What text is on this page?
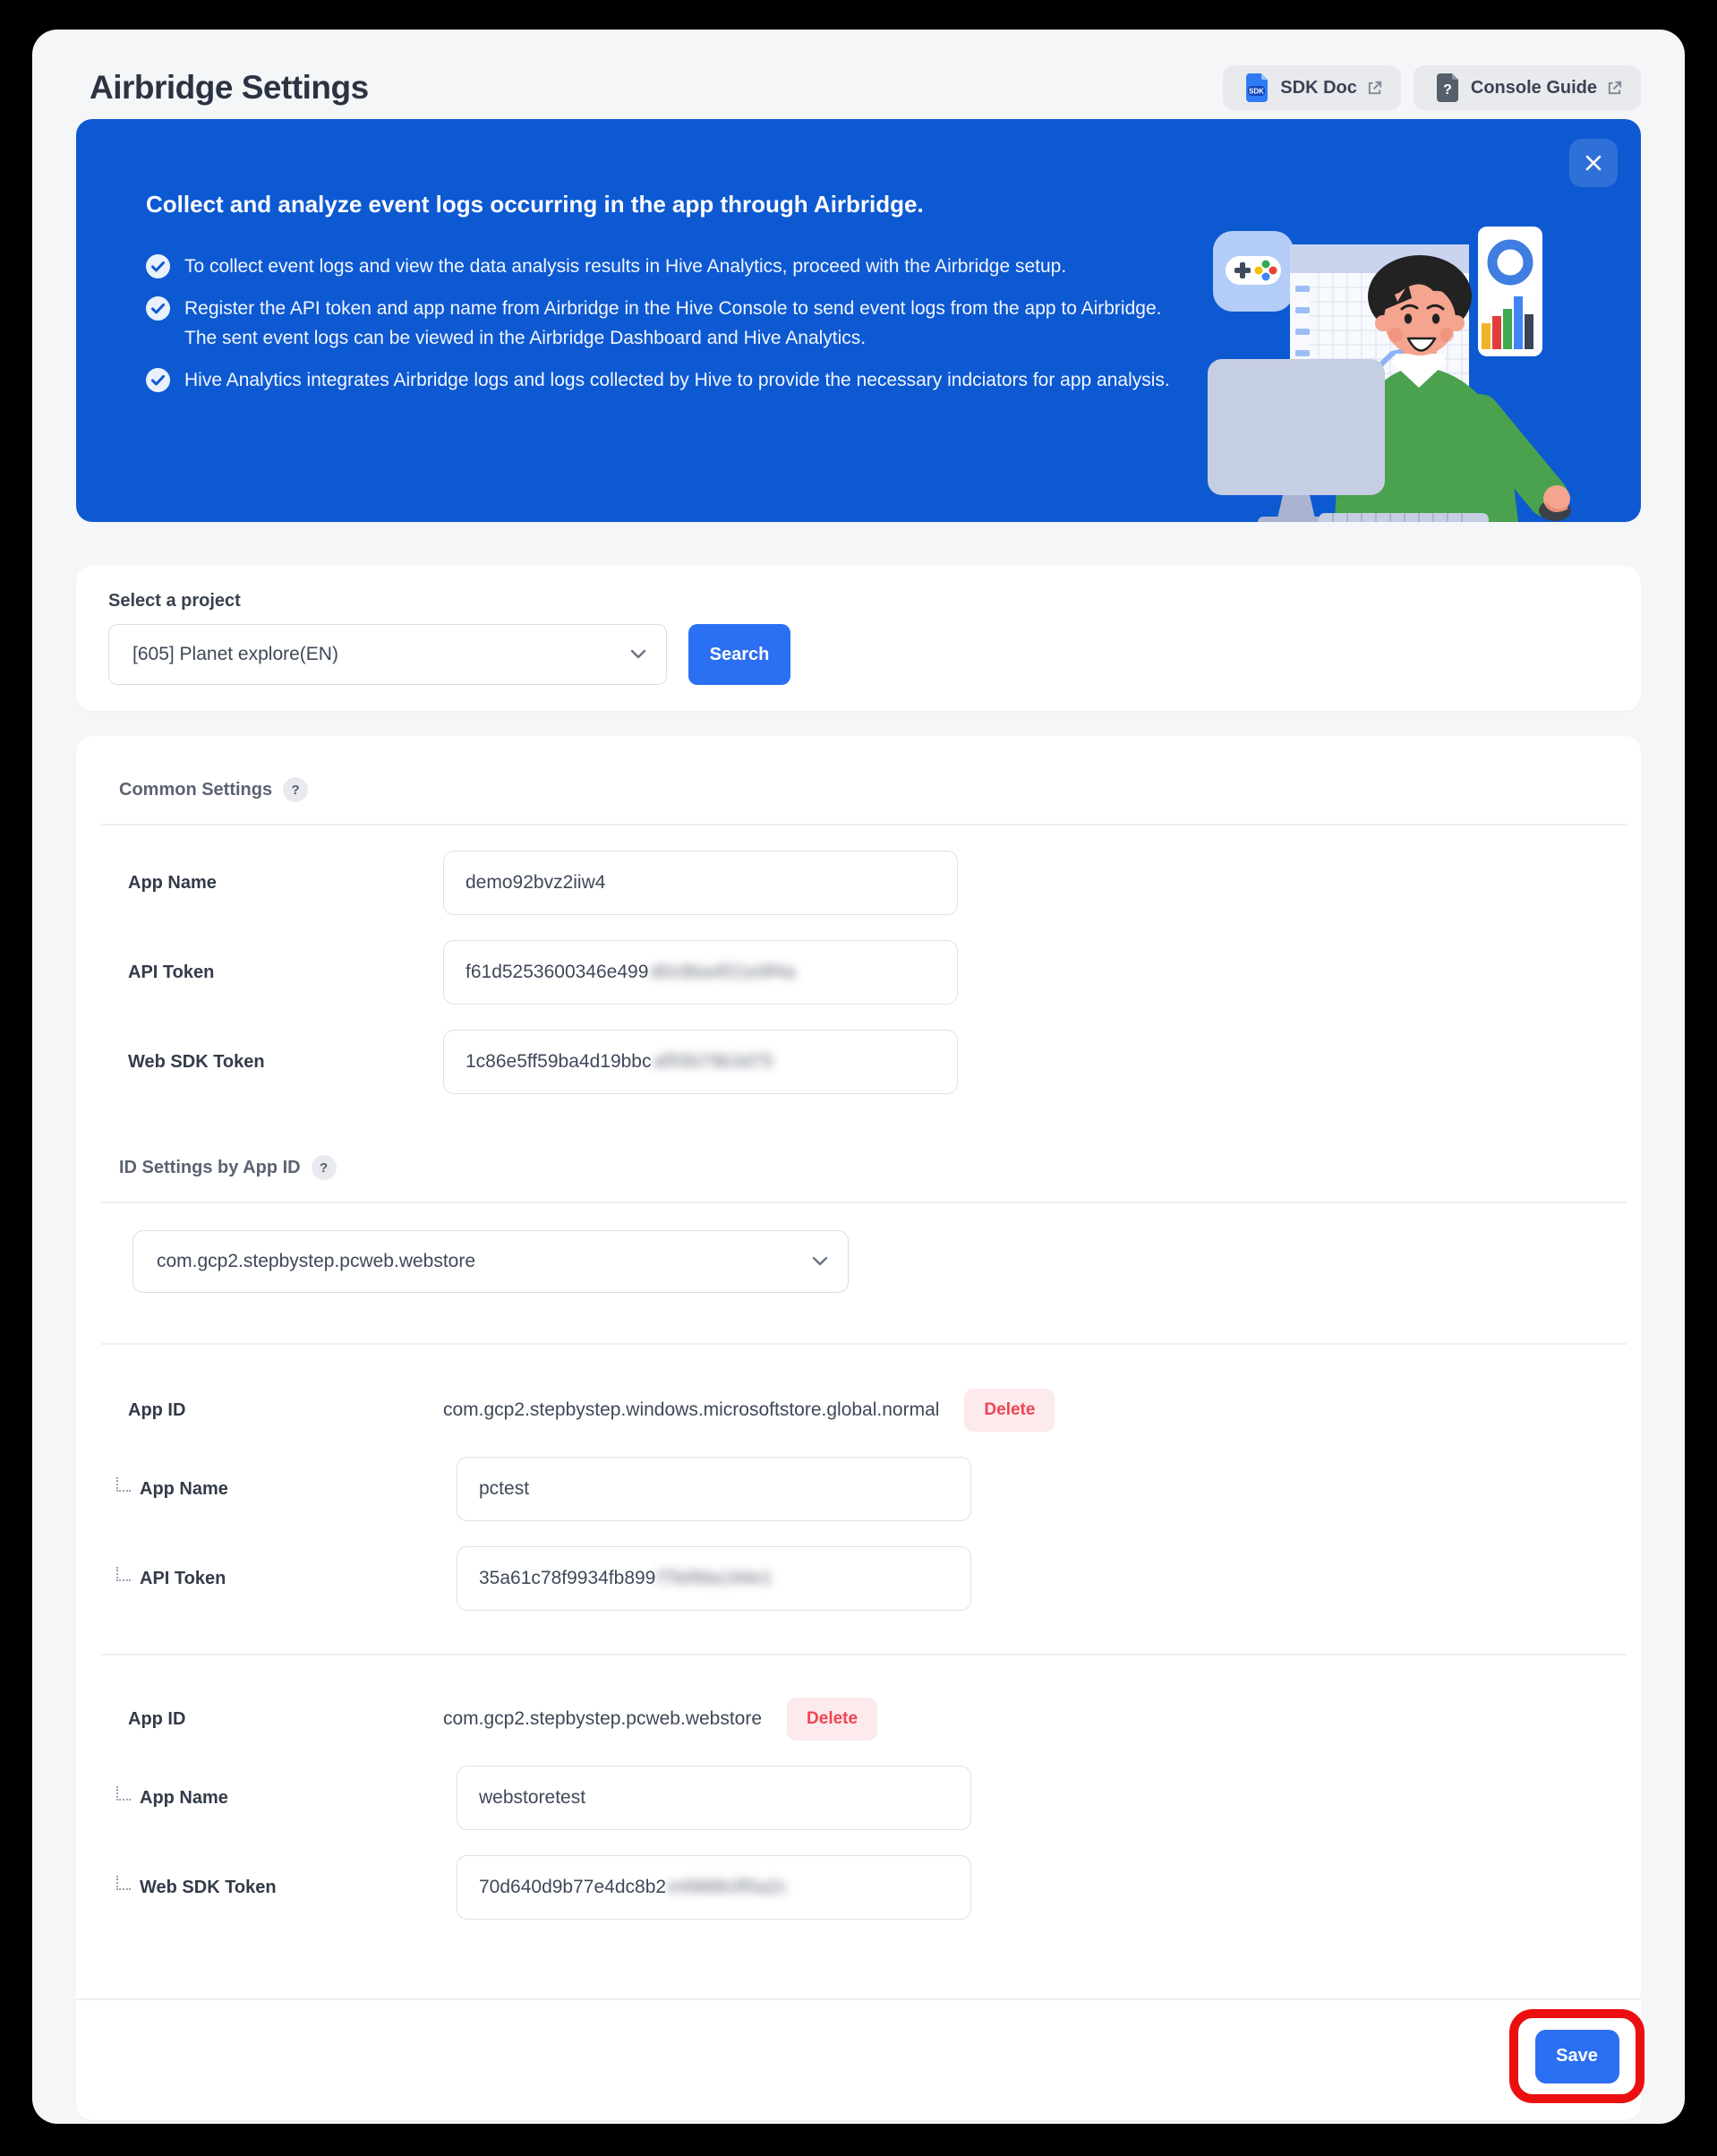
Airbridge Settings	SDK SDK Doc	? Console Guide
Collect and analyze event logs occurring in the app through Airbridge.

To collect event logs and view the data analysis results in Hive Analytics, proceed with the Airbridge setup.

Register the API token and app name from Airbridge in the Hive Console to send event logs from the app to Airbridge. The sent event logs can be viewed in the Airbridge Dashboard and Hive Analytics.

Hive Analytics integrates Airbridge logs and logs collected by Hive to provide the necessary indciators for app analysis.

Select a project
[605] Planet explore(EN)	Search
Common Settings	?
App Name	demo92bvz2iiw4
API Token	f61d5253600346e499 d0c8ba4f21e9f4a
Web SDK Token	1c86e5ff59ba4d19bbc af55b79b3d75
ID Settings by App ID	?
com.gcp2.stepbystep.pcweb.webstore
App ID	com.gcp2.stepbystep.windows.microsoftstore.global.normal	Delete
App Name	pctest
API Token	35a61c78f9934fb899 f7b0fda194e1
App ID	com.gcp2.stepbystep.pcweb.webstore	Delete
App Name	webstoretest
Web SDK Token	70d640d9b77e4dc8b2 e4988b3f5a2c
Save
